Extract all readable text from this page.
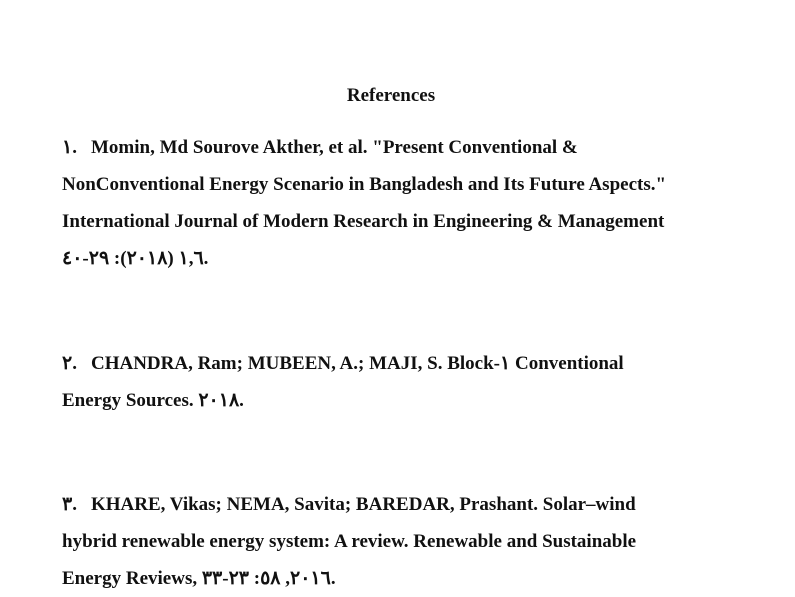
References
١. Momin, Md Sourove Akther, et al. "Present Conventional &
NonConventional Energy Scenario in Bangladesh and Its Future Aspects."
International Journal of Modern Research in Engineering & Management
١,٦ (٢٠١٨): ٢٩-٤٠.
٢. CHANDRA, Ram; MUBEEN, A.; MAJI, S. Block-١ Conventional
Energy Sources. ٢٠١٨.
٣. KHARE, Vikas; NEMA, Savita; BAREDAR, Prashant. Solar–wind
hybrid renewable energy system: A review. Renewable and Sustainable
Energy Reviews, ٢٠١٦, ٥٨: ٢٣-٣٣.
